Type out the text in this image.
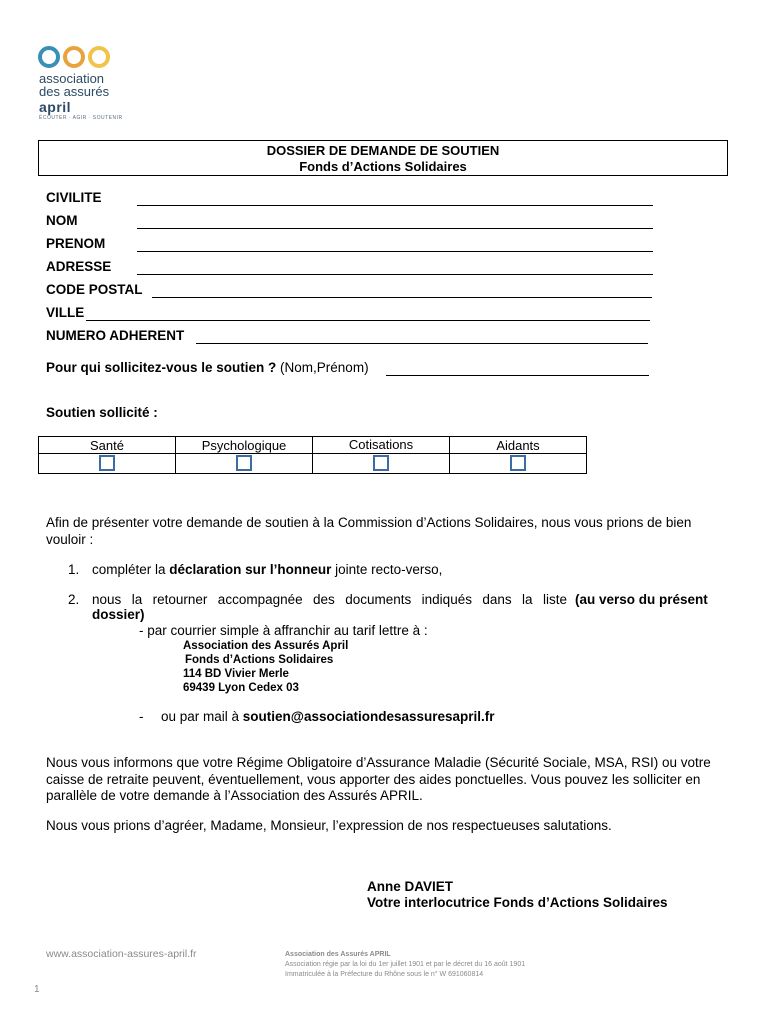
association
des assurés
april
ÉCOUTER · AGIR · SOUTENIR
DOSSIER DE DEMANDE DE SOUTIEN
Fonds d’Actions Solidaires
CIVILITE
NOM
PRENOM
ADRESSE
CODE POSTAL
VILLE
NUMERO ADHERENT
Pour qui sollicitez-vous le soutien ? (Nom,Prénom)
Soutien sollicité :
Santé	Psychologique	Cotisations	Aidants

Afin de présenter votre demande de soutien à la Commission d’Actions Solidaires, nous vous prions de bien vouloir :
1. compléter la déclaration sur l’honneur jointe recto-verso,
2. nous la retourner accompagnée des documents indiqués dans la liste (au verso du présent
dossier)
- par courrier simple à affranchir au tarif lettre à :
Association des Assurés April
Fonds d’Actions Solidaires
114 BD Vivier Merle
69439 Lyon Cedex 03
- ou par mail à soutien@associationdesassuresapril.fr
Nous vous informons que votre Régime Obligatoire d’Assurance Maladie (Sécurité Sociale, MSA, RSI) ou votre caisse de retraite peuvent, éventuellement, vous apporter des aides ponctuelles. Vous pouvez les solliciter en parallèle de votre demande à l’Association des Assurés APRIL.
Nous vous prions d’agréer, Madame, Monsieur, l’expression de nos respectueuses salutations.
Anne DAVIET
Votre interlocutrice Fonds d’Actions Solidaires
www.association-assures-april.fr	Association des Assurés APRIL
Association régie par la loi du 1er juillet 1901 et par le décret du 16 août 1901
Immatriculée à la Préfecture du Rhône sous le n° W 691060814
1
